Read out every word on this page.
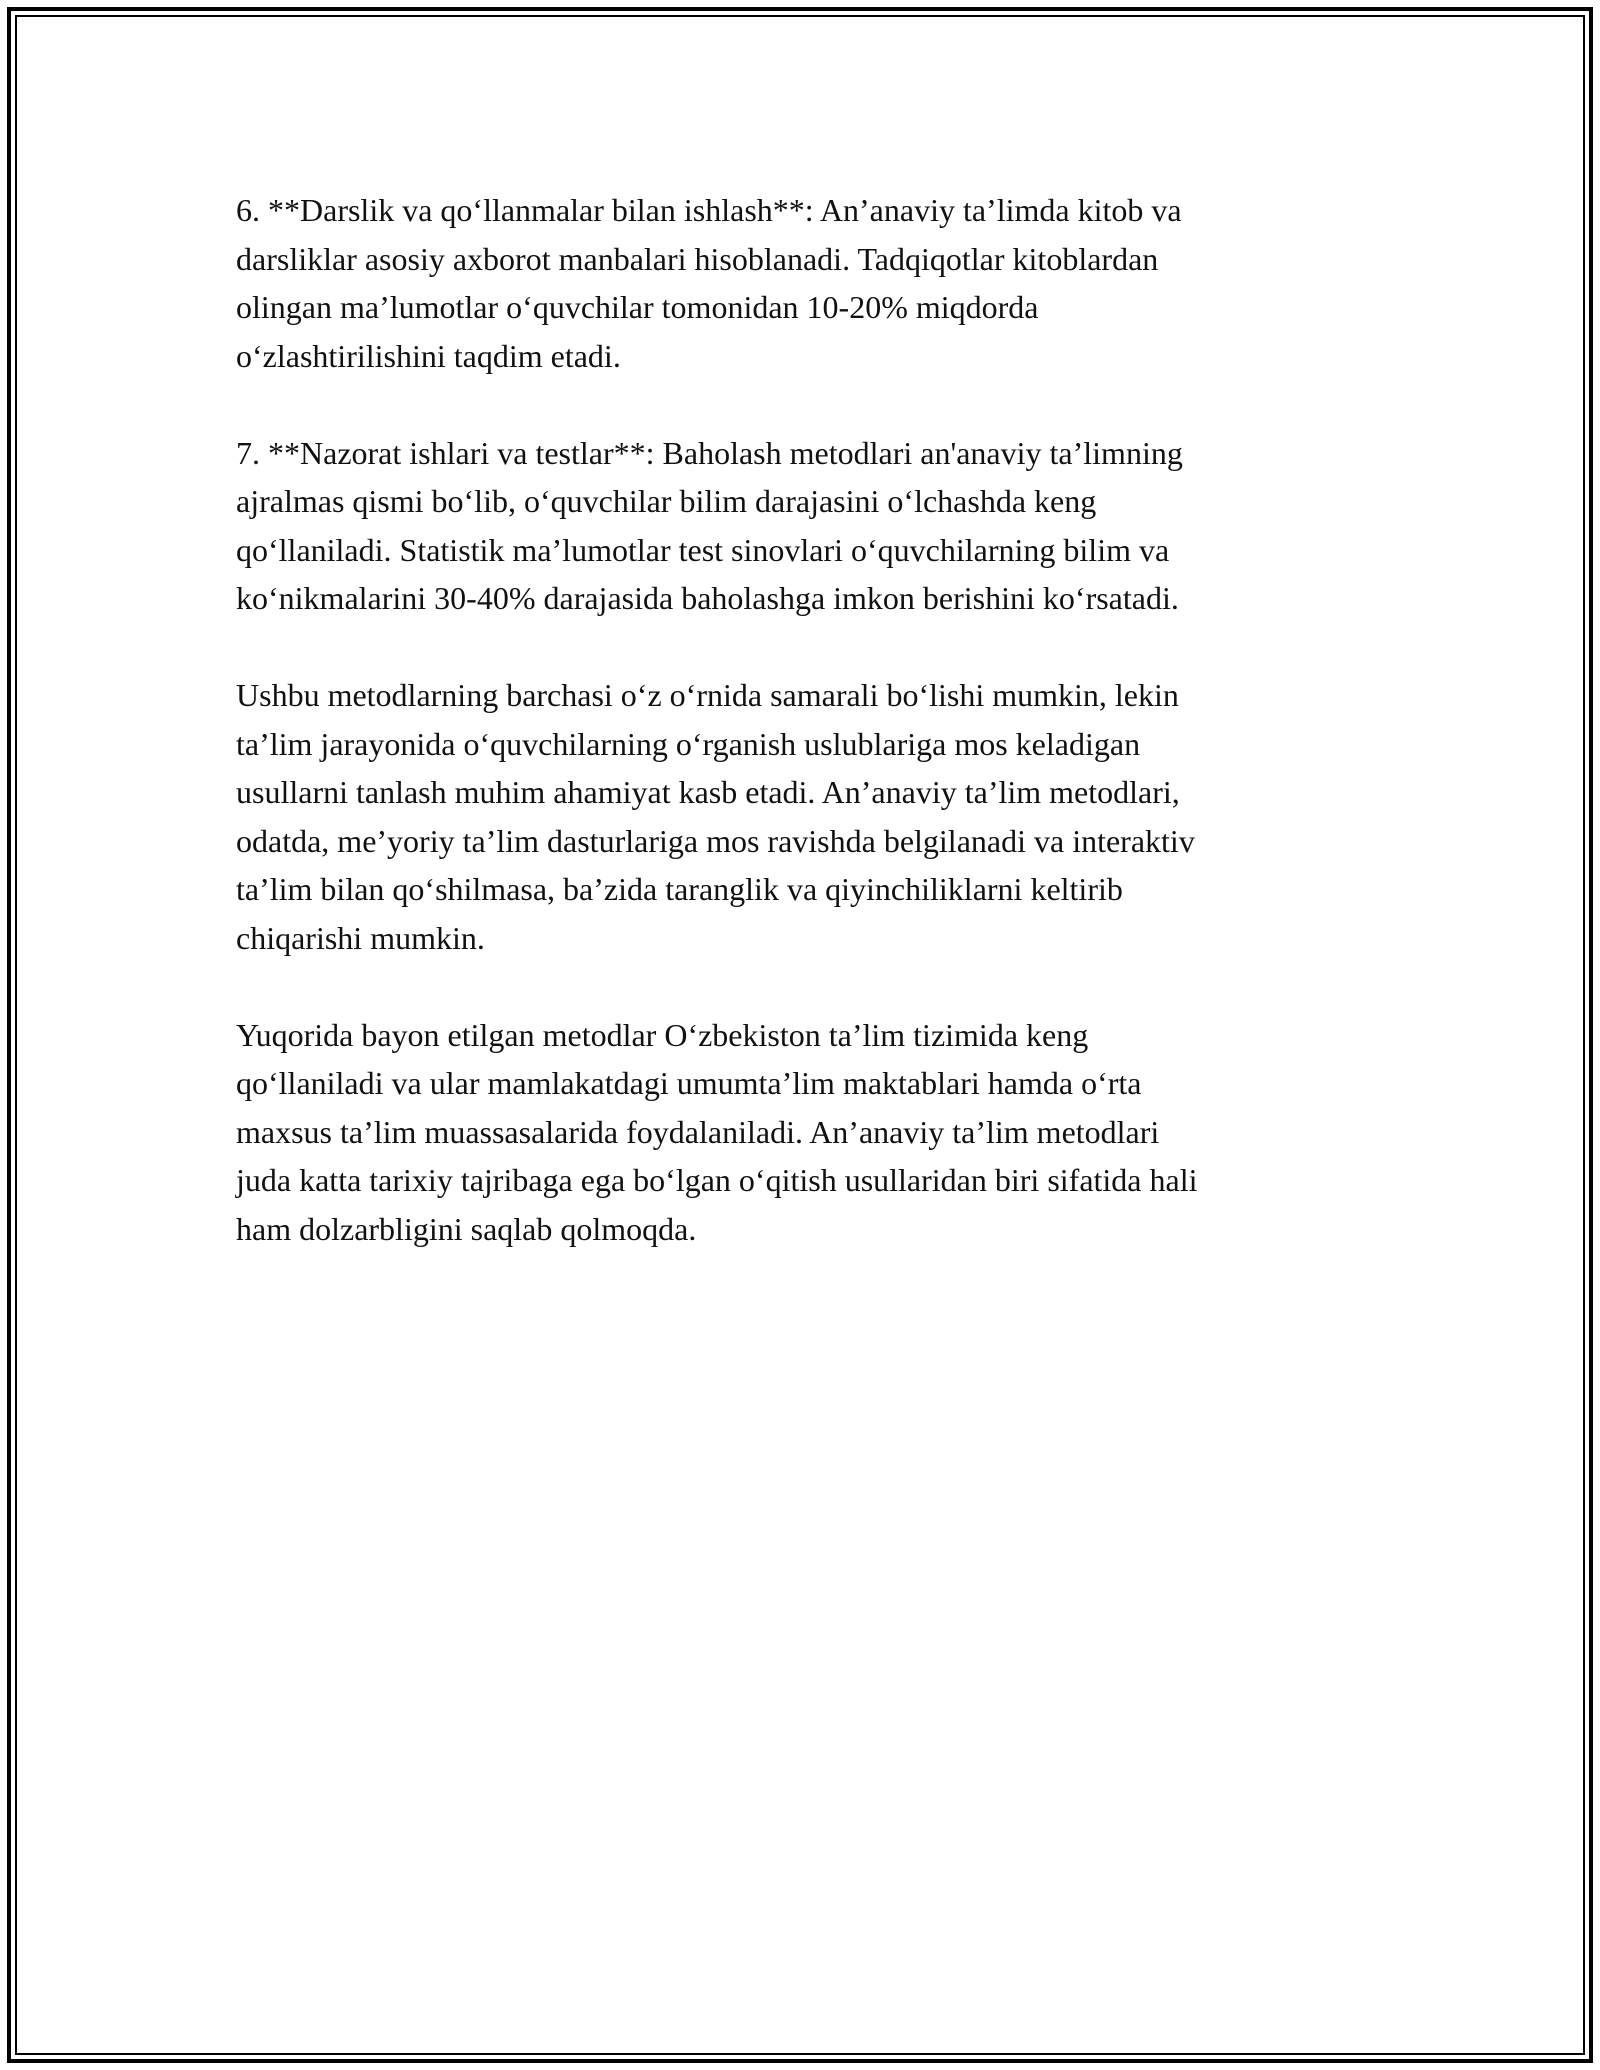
6. **Darslik va qo‘llanmalar bilan ishlash**: An’anaviy ta’limda kitob va
darsliklar asosiy axborot manbalari hisoblanadi. Tadqiqotlar kitoblardan
olingan ma’lumotlar o‘quvchilar tomonidan 10-20% miqdorda
o‘zlashtirilishini taqdim etadi.

7. **Nazorat ishlari va testlar**: Baholash metodlari an'anaviy ta’limning
ajralmas qismi bo‘lib, o‘quvchilar bilim darajasini o‘lchashda keng
qo‘llaniladi. Statistik ma’lumotlar test sinovlari o‘quvchilarning bilim va
ko‘nikmalarini 30-40% darajasida baholashga imkon berishini ko‘rsatadi.

Ushbu metodlarning barchasi o‘z o‘rnida samarali bo‘lishi mumkin, lekin
ta’lim jarayonida o‘quvchilarning o‘rganish uslublariga mos keladigan
usullarni tanlash muhim ahamiyat kasb etadi. An’anaviy ta’lim metodlari,
odatda, me’yoriy ta’lim dasturlariga mos ravishda belgilanadi va interaktiv
ta’lim bilan qo‘shilmasa, ba’zida taranglik va qiyinchiliklarni keltirib
chiqarishi mumkin.

Yuqorida bayon etilgan metodlar O‘zbekiston ta’lim tizimida keng
qo‘llaniladi va ular mamlakatdagi umumta’lim maktablari hamda o‘rta
maxsus ta’lim muassasalarida foydalaniladi. An’anaviy ta’lim metodlari
juda katta tarixiy tajribaga ega bo‘lgan o‘qitish usullaridan biri sifatida hali
ham dolzarbligini saqlab qolmoqda.
